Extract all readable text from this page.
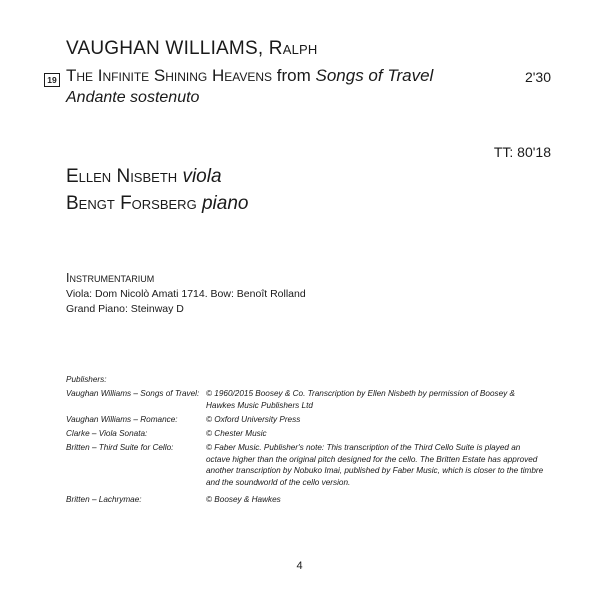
VAUGHAN WILLIAMS, Ralph
19 The Infinite Shining Heavens from Songs of Travel	2'30
Andante sostenuto
TT: 80'18
Ellen Nisbeth viola
Bengt Forsberg piano
Instrumentarium
Viola: Dom Nicolò Amati 1714. Bow: Benoît Rolland
Grand Piano: Steinway D
Publishers:
Vaughan Williams – Songs of Travel: © 1960/2015 Boosey & Co. Transcription by Ellen Nisbeth by permission of Boosey & Hawkes Music Publishers Ltd
Vaughan Williams – Romance:	© Oxford University Press
Clarke – Viola Sonata:	© Chester Music
Britten – Third Suite for Cello:	© Faber Music. Publisher's note: This transcription of the Third Cello Suite is played an octave higher than the original pitch designed for the cello. The Britten Estate has approved another transcription by Nobuko Imai, published by Faber Music, which is closer to the timbre and the soundworld of the cello version.
Britten – Lachrymae:	© Boosey & Hawkes
4
